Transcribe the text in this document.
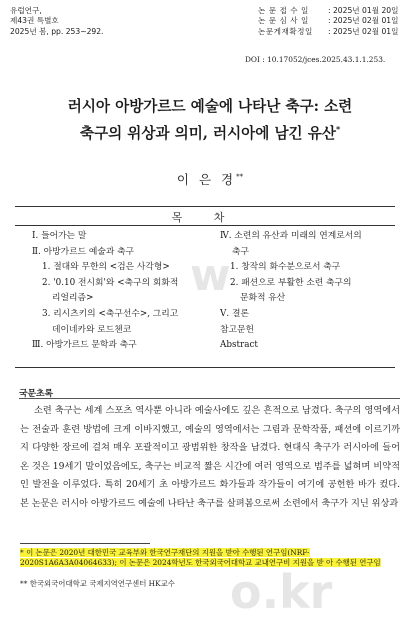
유럽연구,
제43권 특별호
2025년 봄, pp. 253~292.
논 문 접 수 일	: 2025년 01월 20일
논 문 심 사 일	: 2025년 02월 01일
논문게재확정일	: 2025년 02월 01일
DOI : 10.17052/jces.2025.43.1.1.253.
러시아 아방가르드 예술에 나타난 축구: 소련
축구의 위상과 의미, 러시아에 남긴 유산*
이 은 경**
목 차
Ⅰ. 들어가는 말
Ⅱ. 아방가르드 예술과 축구
1. 절대와 무한의 <검은 사각형>
2. '0.10 전시회'와 <축구의 회화적
리얼리즘>
3. 리시츠키의 <축구선수>, 그리고
데이네카와 로드첸코
Ⅲ. 아방가르드 문학과 축구
Ⅳ. 소련의 유산과 미래의 연계로서의
축구
1. 창작의 화수분으로서 축구
2. 패션으로 부활한 소련 축구의
문화적 유산
Ⅴ. 결론
참고문헌
Abstract
국문초록

소련 축구는 세계 스포츠 역사뿐 아니라 예술사에도 깊은 흔적으로 남겼다. 축구의 영역에서는 전술과 훈련 방법에 크게 이바지했고, 예술의 영역에서는 그림과 문학작품, 패션에 이르기까지 다양한 장르에 걸쳐 매우 포괄적이고 광범위한 창작을 남겼다. 현대식 축구가 러시아에 들어온 것은 19세기 말이었음에도, 축구는 비교적 짧은 시간에 여러 영역으로 범주를 넓혀며 비약적인 발전을 이루었다. 특히 20세기 초 아방가르드 화가들과 작가들이 여기에 공헌한 바가 컸다. 본 논문은 러시아 아방가르드 예술에 나타난 축구를 살펴봄으로써 소련에서 축구가 지닌 위상과

* 이 논문은 2020년 대한민국 교육부와 한국연구재단의 지원을 받아 수행된 연구임(NRF- 2020S1A6A3A04064633); 이 논문은 2024학년도 한국외국어대학교 교내연구비 지원을 받 아 수행된 연구임
** 한국외국어대학교 국제지역연구센터 HK교수
w
o.kr
